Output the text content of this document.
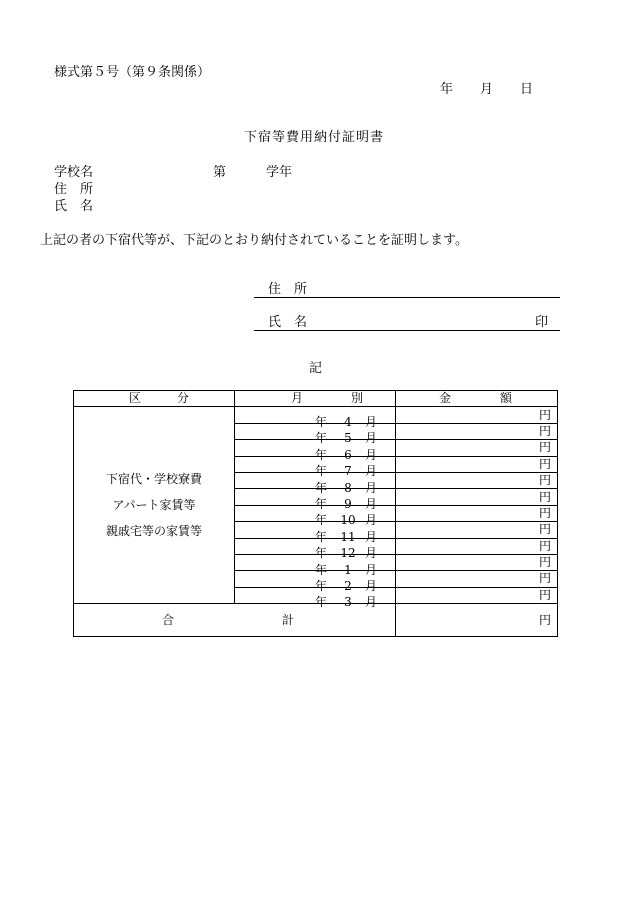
様式第５号（第９条関係）
年 月 日
下宿等費用納付証明書
学校名	第	学年
住　所
氏　名
上記の者の下宿代等が、下記のとおり納付されていることを証明します。
住　所
氏　名	印
記
区 分	月 別	金 額

下宿代・学校寮費
アパート家賃等
親戚宅等の家賃等	年 4 月	円

	年 5 月	円

	年 6 月	円

	年 7 月	円

	年 8 月	円

	年 9 月	円

	年 10 月	円

	年 11 月	円

	年 12 月	円

	年 1 月	円

	年 2 月	円

	年 3 月	円

合 計		円
